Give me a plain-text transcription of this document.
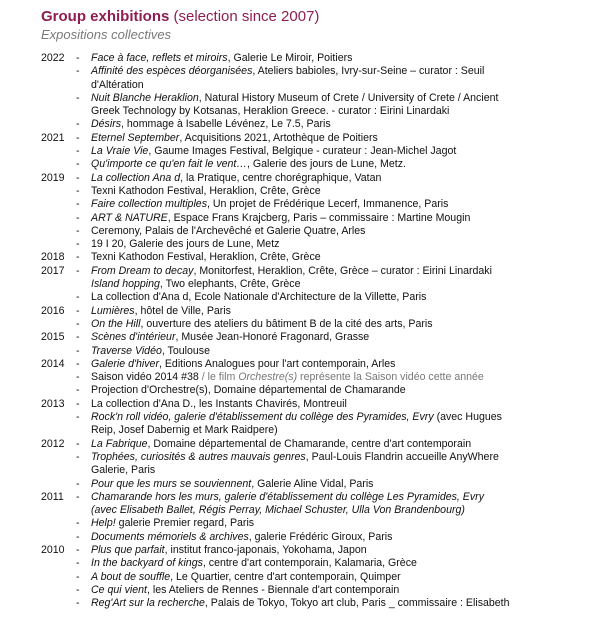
Group exhibitions (selection since 2007)
Expositions collectives
2022 - Face à face, reflets et miroirs, Galerie Le Miroir, Poitiers
- Affinité des espèces déorganisées, Ateliers babioles, Ivry-sur-Seine – curator : Seuil
d'Altération
- Nuit Blanche Heraklion, Natural History Museum of Crete / University of Crete / Ancient
Greek Technology by Kotsanas, Heraklion Greece. - curator : Eirini Linardaki
- Désirs, hommage à Isabelle Lévénez, Le 7.5, Paris
2021 - Eternel September, Acquisitions 2021, Artothèque de Poitiers
- La Vraie Vie, Gaume Images Festival, Belgique - curateur : Jean-Michel Jagot
- Qu'importe ce qu'en fait le vent…, Galerie des jours de Lune, Metz.
2019 - La collection Ana d, la Pratique, centre chorégraphique, Vatan
- Texni Kathodon Festival, Heraklion, Crête, Grèce
- Faire collection multiples, Un projet de Frédérique Lecerf, Immanence, Paris
- ART & NATURE, Espace Frans Krajcberg, Paris – commissaire : Martine Mougin
- Ceremony, Palais de l'Archevêché et Galerie Quatre, Arles
- 19 I 20, Galerie des jours de Lune, Metz
2018 - Texni Kathodon Festival, Heraklion, Crête, Grèce
2017 - From Dream to decay, Monitorfest, Heraklion, Crête, Grèce – curator : Eirini Linardaki
Island hopping, Two elephants, Crête, Grèce
- La collection d'Ana d, Ecole Nationale d'Architecture de la Villette, Paris
2016 - Lumières, hôtel de Ville, Paris
- On the Hill, ouverture des ateliers du bâtiment B de la cité des arts, Paris
2015 - Scènes d'intérieur, Musée Jean-Honoré Fragonard, Grasse
- Traverse Vidéo, Toulouse
2014 - Galerie d'hiver, Editions Analogues pour l'art contemporain, Arles
- Saison vidéo 2014 #38 / le film Orchestre(s) représente la Saison vidéo cette année
- Projection d'Orchestre(s), Domaine départemental de Chamarande
2013 - La collection d'Ana D., les Instants Chavirés, Montreuil
- Rock'n roll vidéo, galerie d'établissement du collège des Pyramides, Evry (avec Hugues
Reip, Josef Dabernig et Mark Raidpere)
2012 - La Fabrique, Domaine départemental de Chamarande, centre d'art contemporain
- Trophées, curiosités & autres mauvais genres, Paul-Louis Flandrin accueille AnyWhere
Galerie, Paris
- Pour que les murs se souviennent, Galerie Aline Vidal, Paris
2011 - Chamarande hors les murs, galerie d'établissement du collège Les Pyramides, Evry
(avec Elisabeth Ballet, Régis Perray, Michael Schuster, Ulla Von Brandenbourg)
- Help! galerie Premier regard, Paris
- Documents mémoriels & archives, galerie Frédéric Giroux, Paris
2010 - Plus que parfait, institut franco-japonais, Yokohama, Japon
- In the backyard of kings, centre d'art contemporain, Kalamaria, Grèce
- A bout de souffle, Le Quartier, centre d'art contemporain, Quimper
- Ce qui vient, les Ateliers de Rennes - Biennale d'art contemporain
- Reg'Art sur la recherche, Palais de Tokyo, Tokyo art club, Paris _ commissaire : Elisabeth
